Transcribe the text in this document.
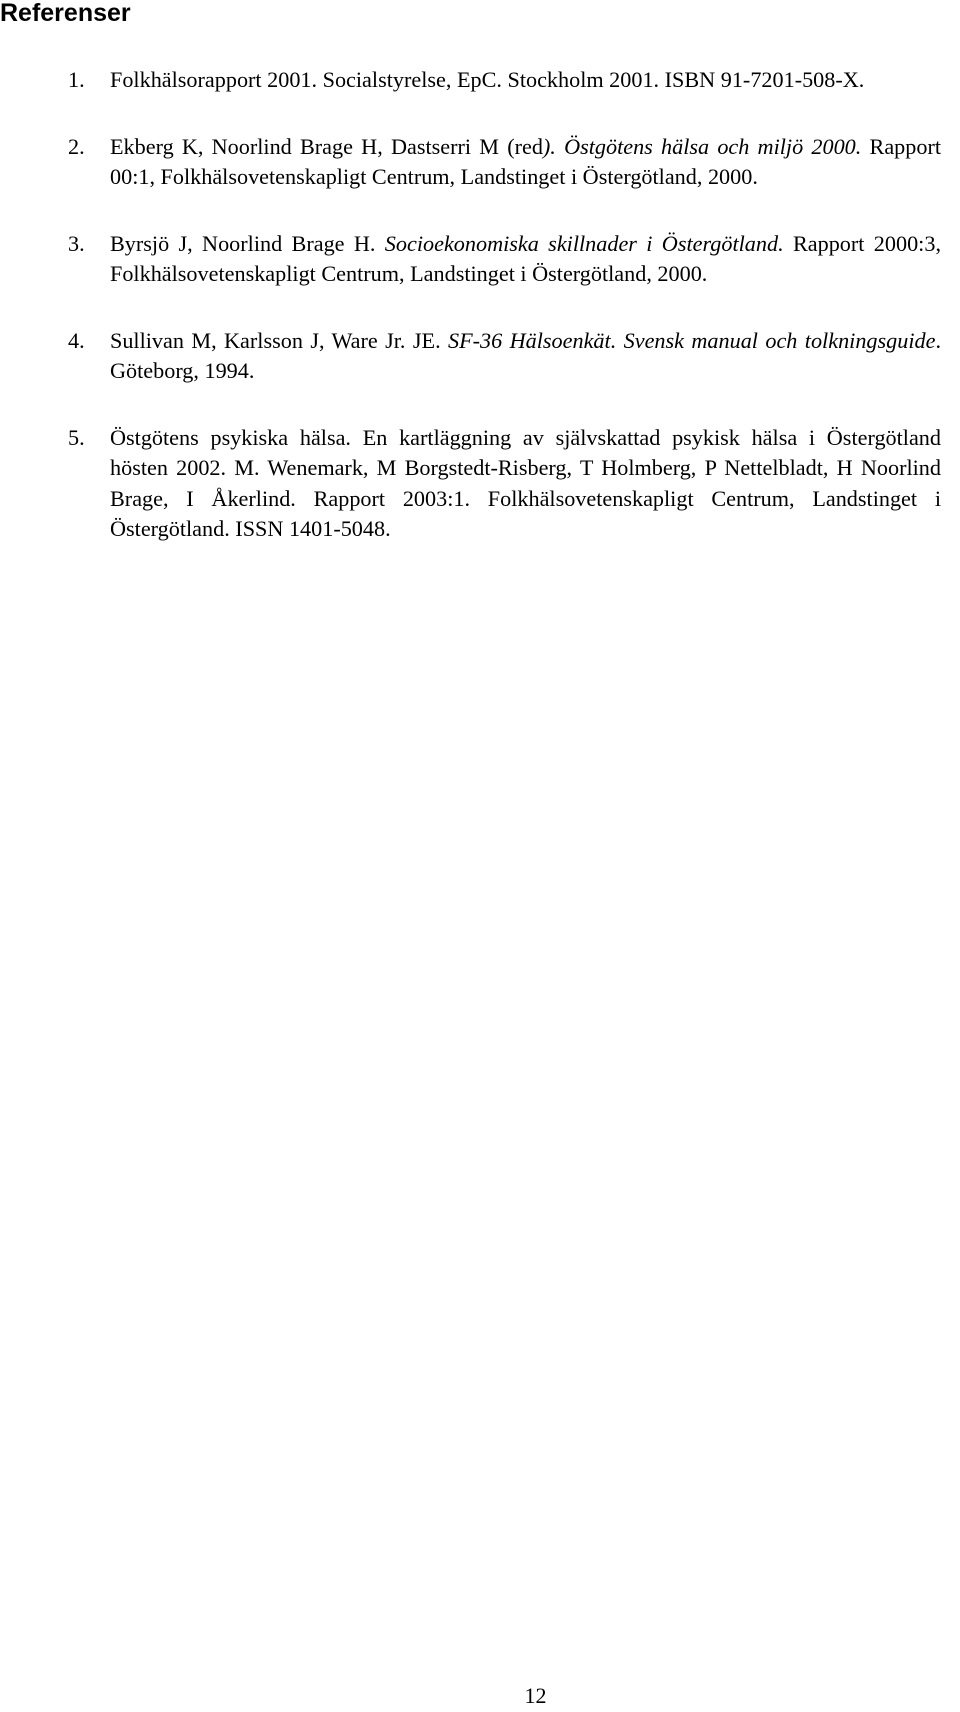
Referenser
1. Folkhälsorapport 2001. Socialstyrelse, EpC. Stockholm 2001. ISBN 91-7201-508-X.
2. Ekberg K, Noorlind Brage H, Dastserri M (red). Östgötens hälsa och miljö 2000. Rapport 00:1, Folkhälsovetenskapligt Centrum, Landstinget i Östergötland, 2000.
3. Byrsjö J, Noorlind Brage H. Socioekonomiska skillnader i Östergötland. Rapport 2000:3, Folkhälsovetenskapligt Centrum, Landstinget i Östergötland, 2000.
4. Sullivan M, Karlsson J, Ware Jr. JE. SF-36 Hälsoenkät. Svensk manual och tolkningsguide. Göteborg, 1994.
5. Östgötens psykiska hälsa. En kartläggning av självskattad psykisk hälsa i Östergötland hösten 2002. M. Wenemark, M Borgstedt-Risberg, T Holmberg, P Nettelbladt, H Noorlind Brage, I Åkerlind. Rapport 2003:1. Folkhälsovetenskapligt Centrum, Landstinget i Östergötland. ISSN 1401-5048.
12
